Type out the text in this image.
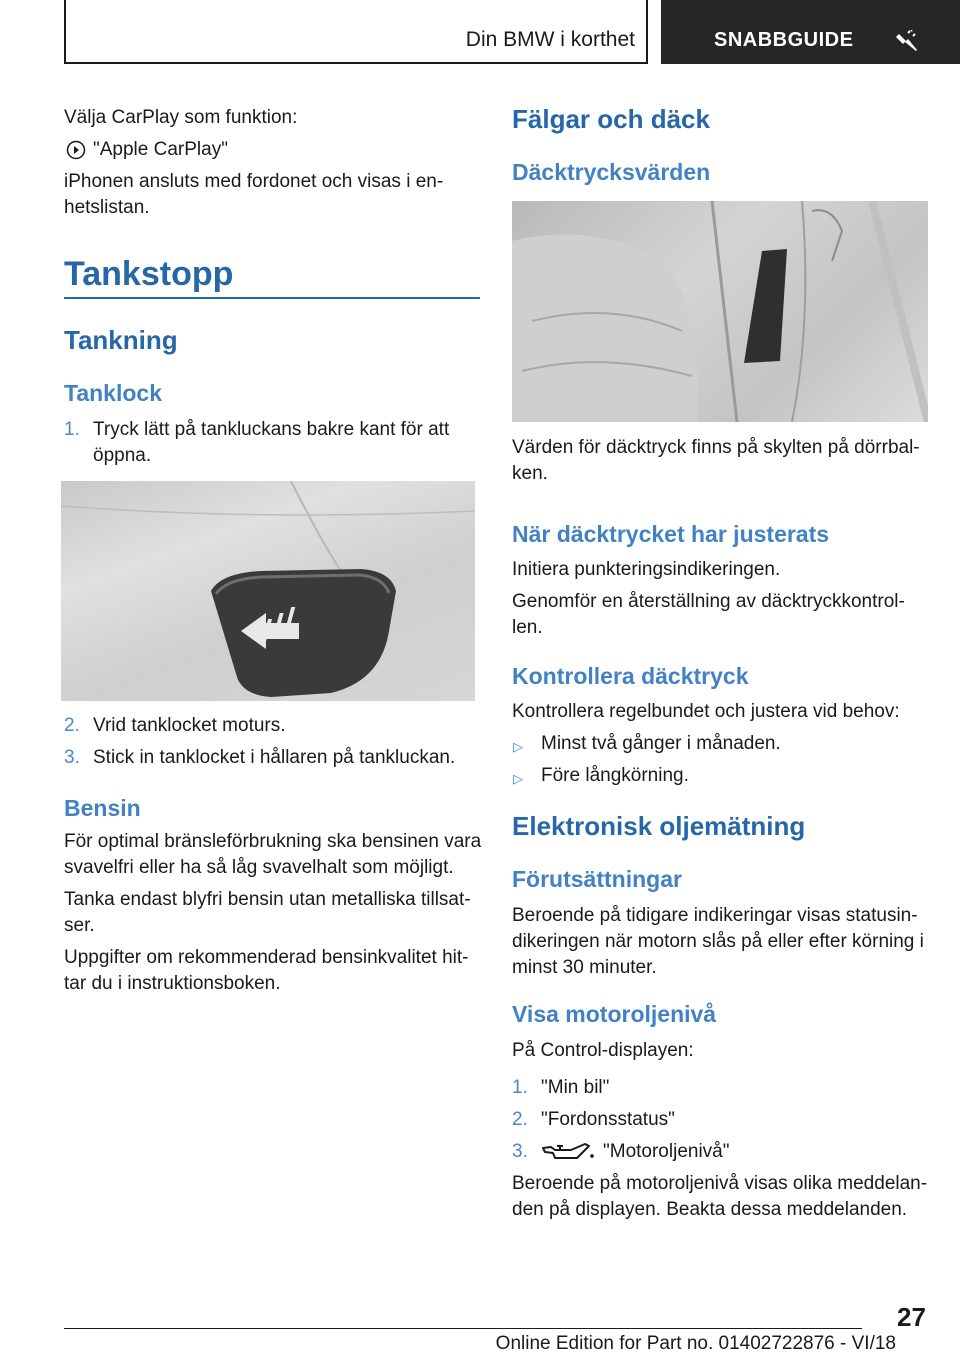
Din BMW i korthet	SNABBGUIDE
Välja CarPlay som funktion:
"Apple CarPlay"
iPhonen ansluts med fordonet och visas i en-
hetslistan.
Tankstopp
Tankning
Tanklock
1. Tryck lätt på tankluckans bakre kant för att
öppna.
2. Vrid tanklocket moturs.
3. Stick in tanklocket i hållaren på tankluckan.
Bensin
För optimal bränsleförbrukning ska bensinen vara
svavelfri eller ha så låg svavelhalt som möjligt.
Tanka endast blyfri bensin utan metalliska tillsat-
ser.
Uppgifter om rekommenderad bensinkvalitet hit-
tar du i instruktionsboken.
Fälgar och däck
Däcktrycksvärden
Värden för däcktryck finns på skylten på dörrbal-
ken.
När däcktrycket har justerats
Initiera punkteringsindikeringen.
Genomför en återställning av däcktryckkontrol-
len.
Kontrollera däcktryck
Kontrollera regelbundet och justera vid behov:
▷ Minst två gånger i månaden.
▷ Före långkörning.
Elektronisk oljemätning
Förutsättningar
Beroende på tidigare indikeringar visas statusin-
dikeringen när motorn slås på eller efter körning i
minst 30 minuter.
Visa motoroljenivå
På Control-displayen:
1. "Min bil"
2. "Fordonsstatus"
3.	"Motoroljenivå"
Beroende på motoroljenivå visas olika meddelan-
den på displayen. Beakta dessa meddelanden.
27
Online Edition for Part no. 01402722876 - VI/18
